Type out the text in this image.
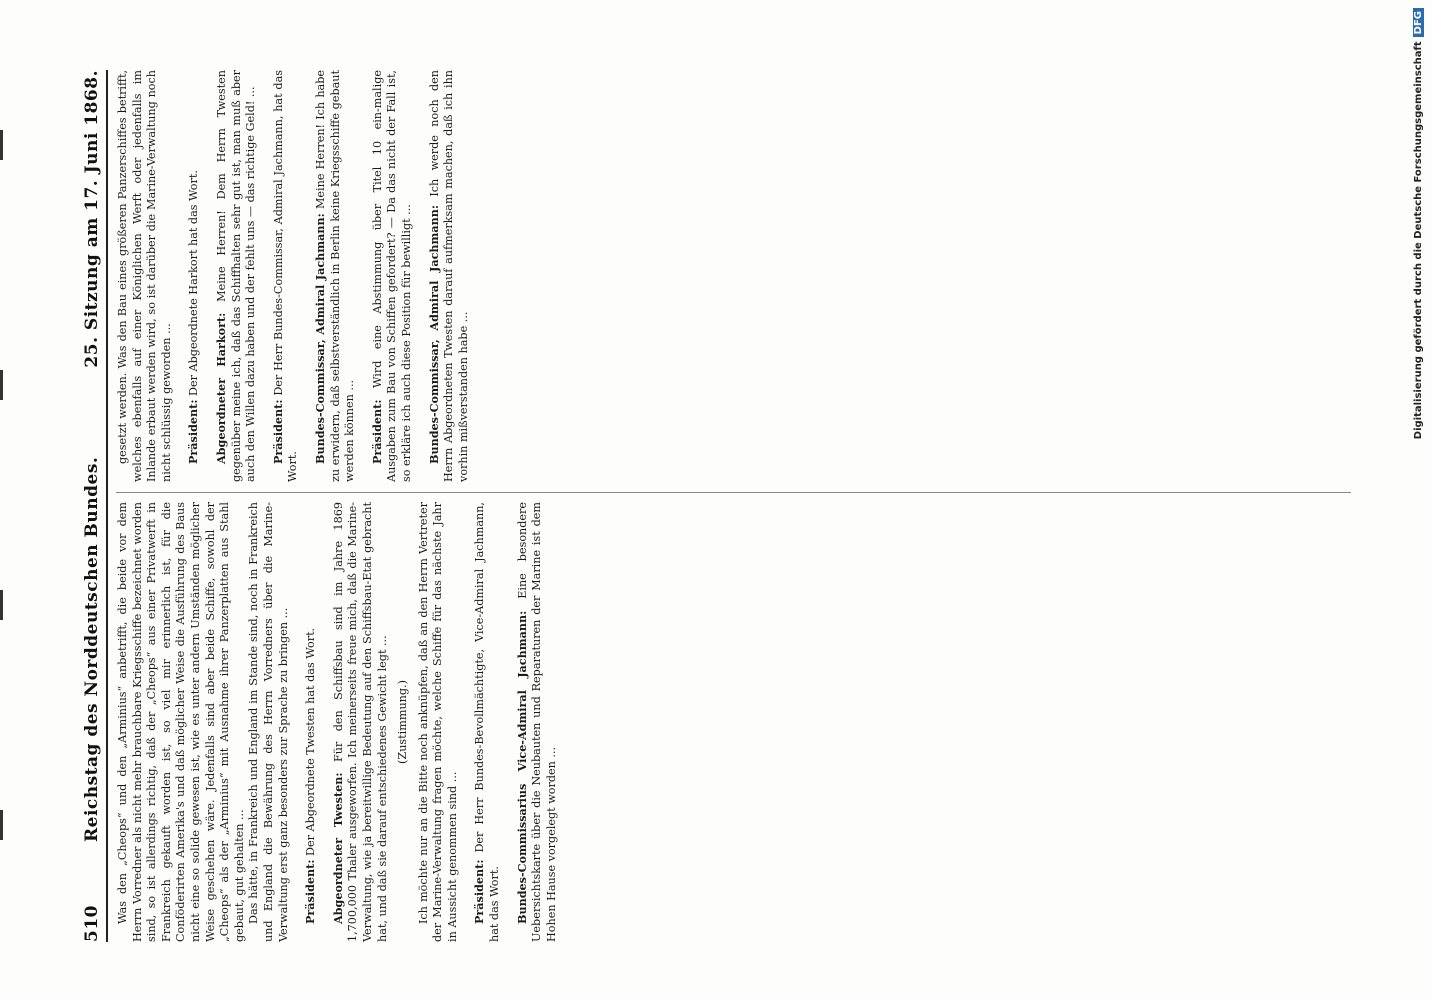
510
Reichstag des Norddeutschen Bundes.
25. Sitzung am 17. Juni 1868.

Was den „Cheops“ und den „Arminius“ anbetrifft, die beide vor dem Herrn Vorredner als nicht mehr brauchbare Kriegsschiffe bezeichnet worden sind, so ist allerdings richtig, daß der „Cheops“ aus einer Privatwerft in Frankreich gekauft worden ist, so viel mir erinnerlich ist, für die Conföderirten Amerika's und daß möglicher Weise die Ausführung des Baus nicht eine so solide gewesen ist, wie es unter andern Umständen möglicher Weise geschehen wäre. Jedenfalls sind aber beide Schiffe, sowohl der „Cheops“ als der „Arminius“ mit Ausnahme ihrer Panzerplatten aus Stahl gebaut, gut gehalten ... Das hätte, in Frankreich und England im Stande sind, noch in Frankreich und England die Bewährung des Herrn Vorredners über die Marine-Verwaltung erst ganz besonders zur Sprache zu bringen ... Präsident: Der Abgeordnete Twesten hat das Wort. Abgeordneter Twesten: Für den Schiffsbau sind im Jahre 1869 1,700,000 Thaler ausgeworfen. Ich meinerseits freue mich, daß die Marine-Verwaltung, wie ja bereitwillige Bedeutung auf den Schiffsbau-Etat gebracht hat, und daß sie darauf entschiedenes Gewicht legt ... (Zustimmung.) Ich möchte nur an die Bitte noch anknüpfen, daß an den Herrn Vertreter der Marine-Verwaltung fragen möchte, welche Schiffe für das nächste Jahr in Aussicht genommen sind ... Präsident: Der Herr Bundes-Bevollmächtigte, Vice-Admiral Jachmann, hat das Wort. Bundes-Commissarius Vice-Admiral Jachmann: Eine besondere Uebersichtskarte über die Neubauten und Reparaturen der Marine ist dem Hohen Hause vorgelegt worden ...

gesetzt werden. Was den Bau eines größeren Panzerschiffes betrifft, welches ebenfalls auf einer Königlichen Werft oder jedenfalls im Inlande erbaut werden wird, so ist darüber die Marine-Verwaltung noch nicht schlüssig geworden ... Präsident: Der Abgeordnete Harkort hat das Wort. Abgeordneter Harkort: Meine Herren! Dem Herrn Twesten gegenüber meine ich, daß das Schiffhalten sehr gut ist, man muß aber auch den Willen dazu haben und der fehlt uns — das richtige Geld! ... Präsident: Der Herr Bundes-Commissar, Admiral Jachmann, hat das Wort.

Bundes-Commissar, Admiral Jachmann: Meine Herren! Ich habe zu erwidern, daß selbstverständlich in Berlin keine Kriegsschiffe gebaut werden können ... Präsident: Wird eine Abstimmung über Titel 10 ein-malige Ausgaben zum Bau von Schiffen gefordert? — Da das nicht der Fall ist, so erkläre ich auch diese Position für bewilligt ... Bundes-Commissar, Admiral Jachmann: Ich werde noch den Herrn Abgeordneten Twesten darauf aufmerksam machen, daß ich ihn vorhin mißverstanden habe ...	Digitalisierung gefördert durch die Deutsche ForschungsgemeinschaftDFG
